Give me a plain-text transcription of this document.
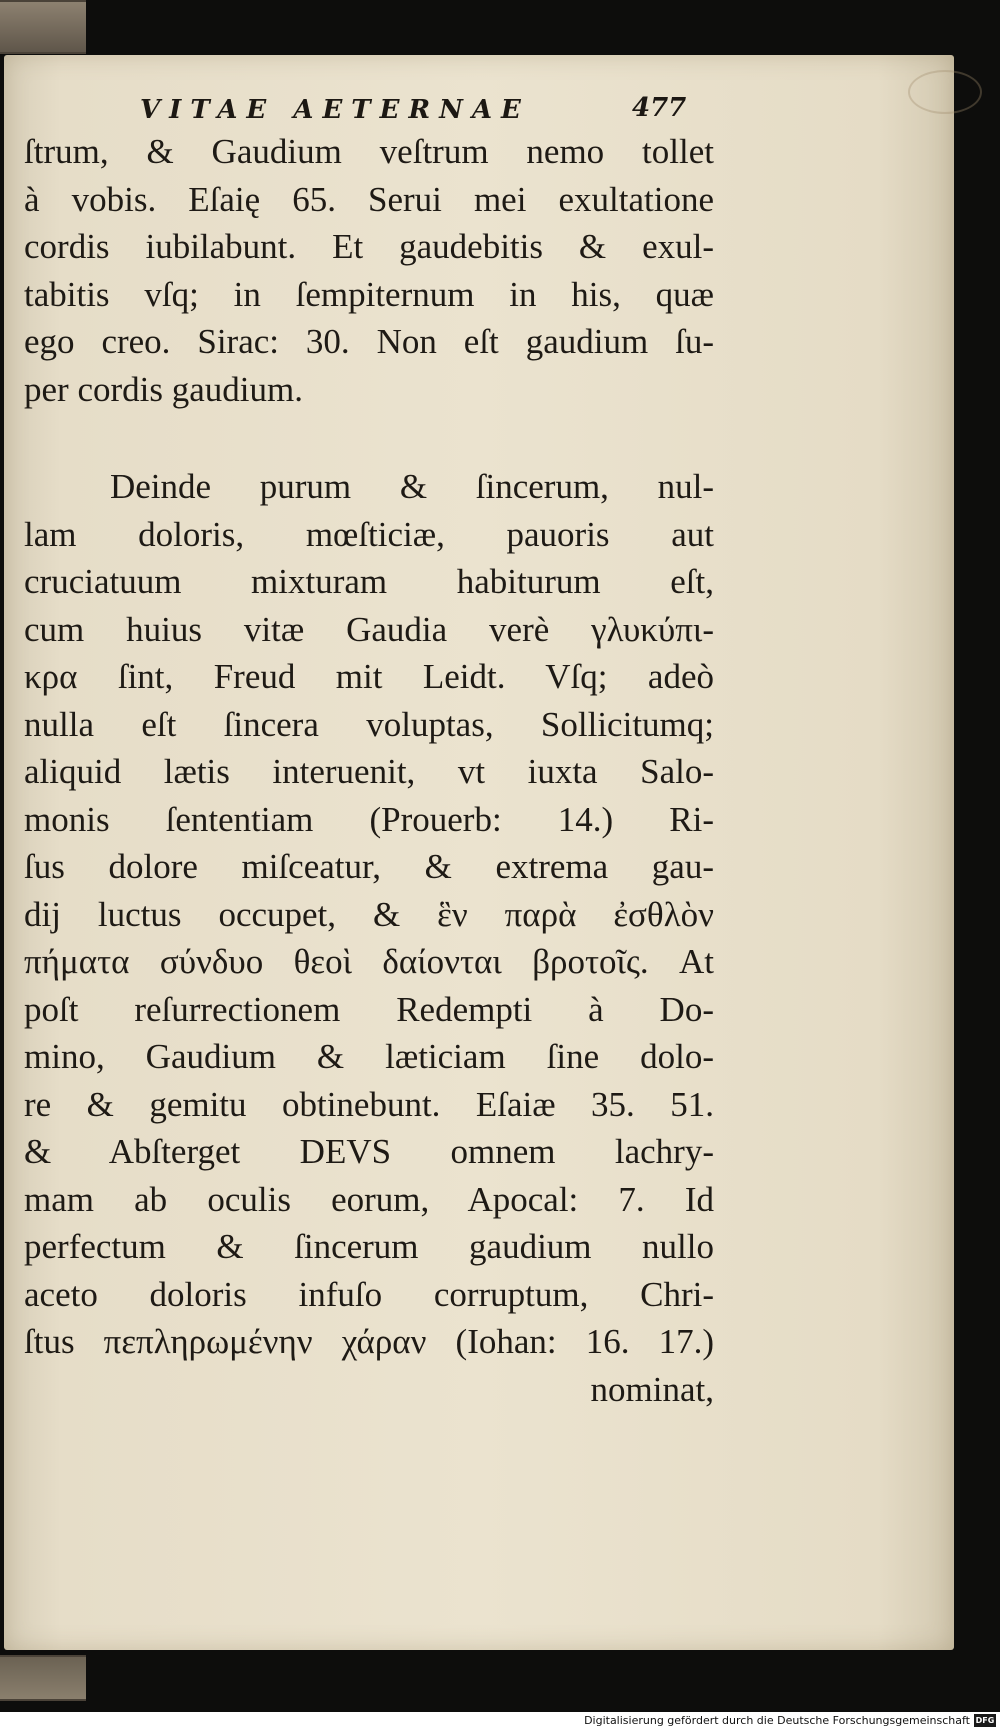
VITAE AETERNAE	477
ſtrum, & Gaudium veſtrum nemo tollet
à vobis. Eſaię 65. Serui mei exultatione
cordis iubilabunt. Et gaudebitis & exul-
tabitis vſq; in ſempiternum in his, quæ
ego creo. Sirac: 30. Non eſt gaudium ſu-
per cordis gaudium.
Deinde purum & ſincerum, nul-
lam doloris, mœſticiæ, pauoris aut
cruciatuum mixturam habiturum eſt,
cum huius vitæ Gaudia verè γλυκύπι-
κρα ſint, Freud mit Leidt. Vſq; adeò
nulla eſt ſincera voluptas, Sollicitumq;
aliquid lætis interuenit, vt iuxta Salo-
monis ſententiam (Prouerb: 14.) Ri-
ſus dolore miſceatur, & extrema gau-
dij luctus occupet, & ἓν παρὰ ἐσθλὸν
πήματα σύνδυο θεοὶ δαίονται βροτοῖς. At
poſt reſurrectionem Redempti à Do-
mino, Gaudium & læticiam ſine dolo-
re & gemitu obtinebunt. Eſaiæ 35. 51.
& Abſterget DEVS omnem lachry-
mam ab oculis eorum, Apocal: 7. Id
perfectum & ſincerum gaudium nullo
aceto doloris infuſo corruptum, Chri-
ſtus πεπληρωμένην χάραν (Iohan: 16. 17.)
nominat,
Digitalisierung gefördert durch die Deutsche Forschungsgemeinschaft DFG
